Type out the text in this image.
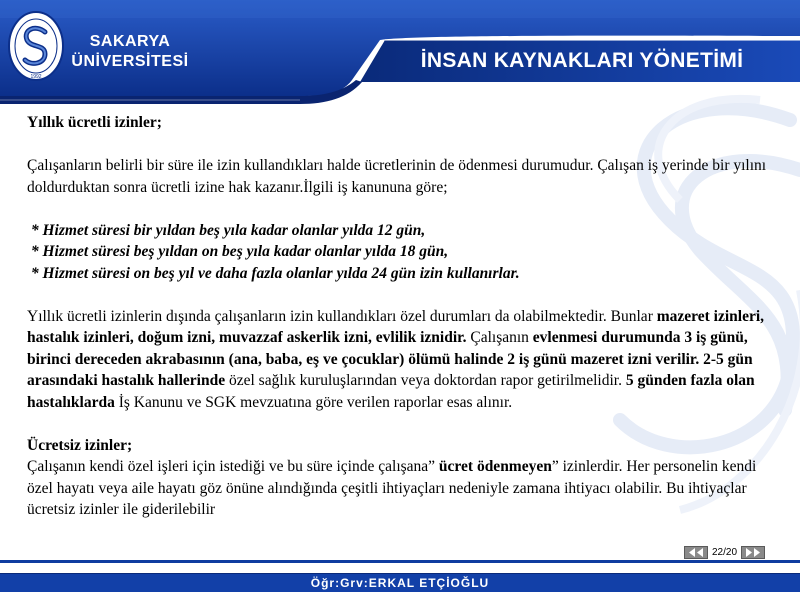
1992
SAKARYA
ÜNİVERSİTESİ	İNSAN KAYNAKLARI YÖNETİMİ

Yıllık ücretli izinler;

Çalışanların belirli bir süre ile izin kullandıkları halde ücretlerinin de ödenmesi durumudur. Çalışan iş yerinde bir yılını doldurduktan sonra ücretli izine hak kazanır.İlgili iş kanununa göre;

* Hizmet süresi bir yıldan beş yıla kadar olanlar yılda 12 gün,

* Hizmet süresi beş yıldan on beş yıla kadar olanlar yılda 18 gün,

* Hizmet süresi on beş yıl ve daha fazla olanlar yılda 24 gün izin kullanırlar.

Yıllık ücretli izinlerin dışında çalışanların izin kullandıkları özel durumları da olabilmektedir. Bunlar mazeret izinleri, hastalık izinleri, doğum izni, muvazzaf askerlik izni, evlilik iznidir. Çalışanın evlenmesi durumunda 3 iş günü, birinci dereceden akrabasının (ana, baba, eş ve çocuklar) ölümü halinde 2 iş günü mazeret izni verilir. 2-5 gün arasındaki hastalık hallerinde özel sağlık kuruluşlarından veya doktordan rapor getirilmelidir. 5 günden fazla olan hastalıklarda İş Kanunu ve SGK mevzuatına göre verilen raporlar esas alınır.

Ücretsiz izinler;

Çalışanın kendi özel işleri için istediği ve bu süre içinde çalışana” ücret ödenmeyen” izinlerdir. Her personelin kendi özel hayatı veya aile hayatı göz önüne alındığında çeşitli ihtiyaçları nedeniyle zamana ihtiyacı olabilir. Bu ihtiyaçlar ücretsiz izinler ile giderilebilir

22/20
Öğr:Grv:ERKAL ETÇİOĞLU
